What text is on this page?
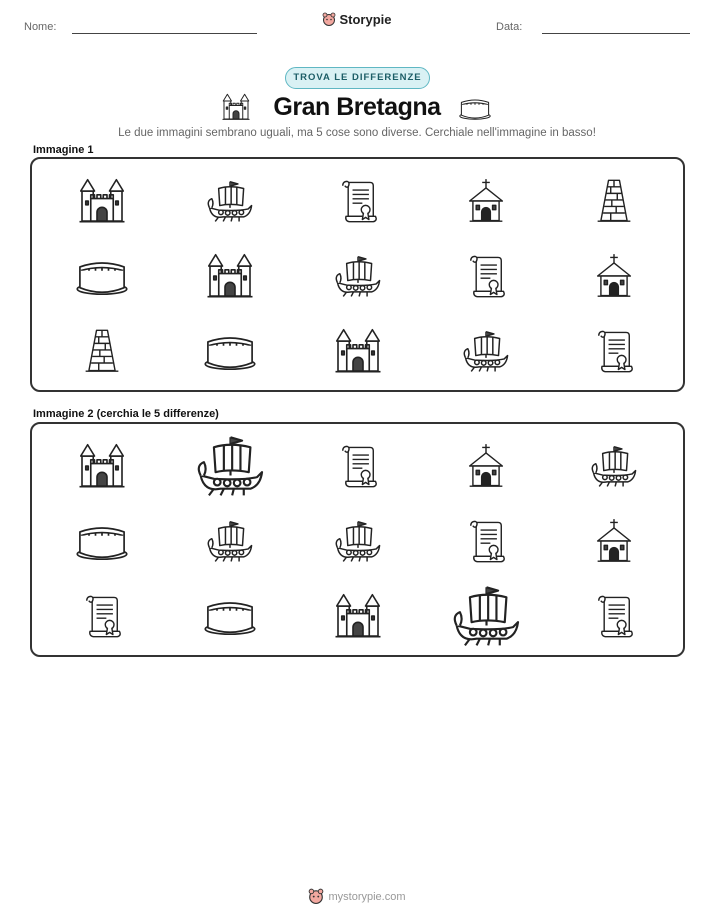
Nome:	Storypie	Data:
TROVA LE DIFFERENZE
Gran Bretagna
Le due immagini sembrano uguali, ma 5 cose sono diverse. Cerchiale nell'immagine in basso!
Immagine 1
Immagine 2 (cerchia le 5 differenze)
mystorypie.com
